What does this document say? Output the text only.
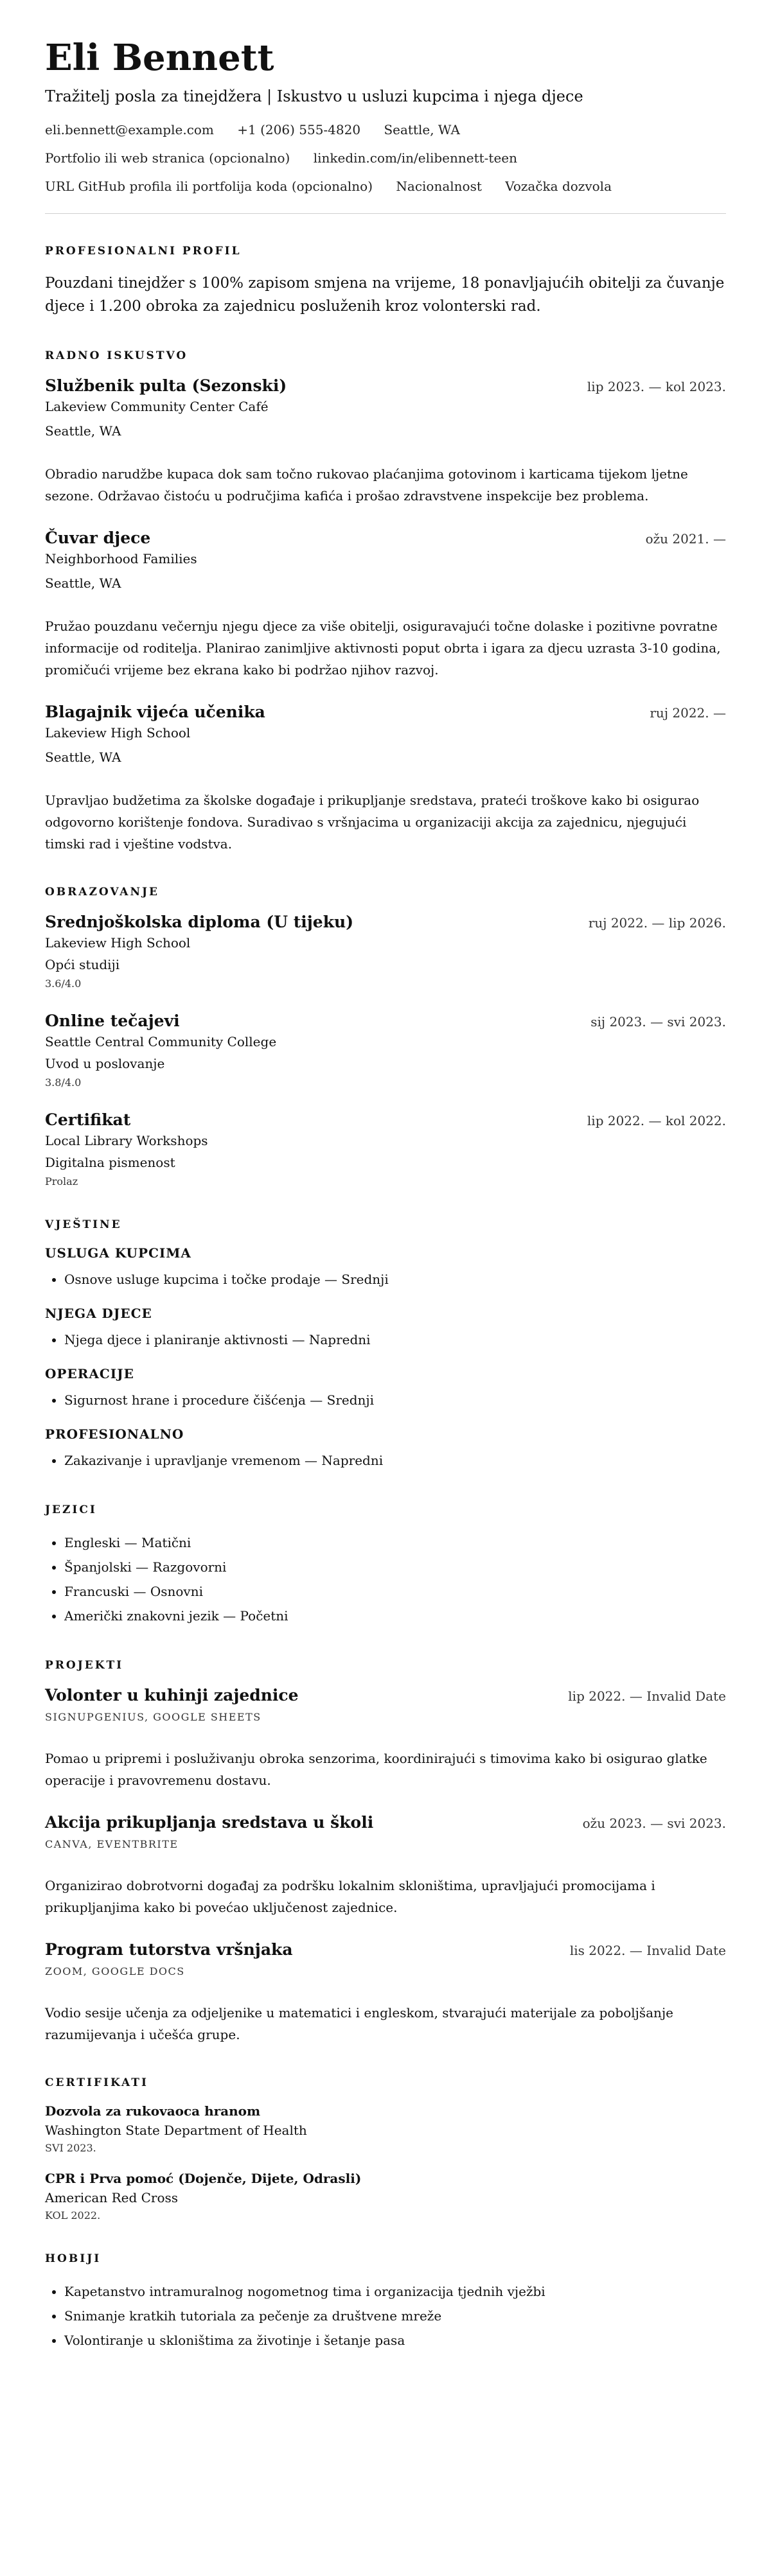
Eli Bennett
Tražitelj posla za tinejdžera | Iskustvo u usluzi kupcima i njega djece
eli.bennett@example.com +1 (206) 555-4820 Seattle, WA
Portfolio ili web stranica (opcionalno) linkedin.com/in/elibennett-teen
URL GitHub profila ili portfolija koda (opcionalno) Nacionalnost Vozačka dozvola
PROFESIONALNI PROFIL

Pouzdani tinejdžer s 100% zapisom smjena na vrijeme, 18 ponavljajućih obitelji za čuvanje djece i 1.200 obroka za zajednicu posluženih kroz volonterski rad.

RADNO ISKUSTVO
Službenik pulta (Sezonski)	lip 2023. — kol 2023.
Lakeview Community Center Café
Seattle, WA
Obradio narudžbe kupaca dok sam točno rukovao plaćanjima gotovinom i karticama tijekom ljetne sezone. Održavao čistoću u područjima kafića i prošao zdravstvene inspekcije bez problema.
Čuvar djece	ožu 2021. —
Neighborhood Families
Seattle, WA
Pružao pouzdanu večernju njegu djece za više obitelji, osiguravajući točne dolaske i pozitivne povratne informacije od roditelja. Planirao zanimljive aktivnosti poput obrta i igara za djecu uzrasta 3-10 godina, promičući vrijeme bez ekrana kako bi podržao njihov razvoj.
Blagajnik vijeća učenika	ruj 2022. —
Lakeview High School
Seattle, WA
Upravljao budžetima za školske događaje i prikupljanje sredstava, prateći troškove kako bi osigurao odgovorno korištenje fondova. Suradivao s vršnjacima u organizaciji akcija za zajednicu, njegujući timski rad i vještine vodstva.
OBRAZOVANJE
Srednjoškolska diploma (U tijeku)	ruj 2022. — lip 2026.
Lakeview High School
Opći studiji
3.6/4.0
Online tečajevi	sij 2023. — svi 2023.
Seattle Central Community College
Uvod u poslovanje
3.8/4.0
Certifikat	lip 2022. — kol 2022.
Local Library Workshops
Digitalna pismenost
Prolaz
VJEŠTINE
USLUGA KUPCIMA
• Osnove usluge kupcima i točke prodaje — Srednji
NJEGA DJECE
• Njega djece i planiranje aktivnosti — Napredni
OPERACIJE
• Sigurnost hrane i procedure čišćenja — Srednji
PROFESIONALNO
• Zakazivanje i upravljanje vremenom — Napredni
JEZICI
• Engleski — Matični
• Španjolski — Razgovorni
• Francuski — Osnovni
• Američki znakovni jezik — Početni
PROJEKTI
Volonter u kuhinji zajednice	lip 2022. — Invalid Date
SIGNUPGENIUS, GOOGLE SHEETS
Pomao u pripremi i posluživanju obroka senzorima, koordinirajući s timovima kako bi osigurao glatke operacije i pravovremenu dostavu.
Akcija prikupljanja sredstava u školi	ožu 2023. — svi 2023.
CANVA, EVENTBRITE
Organizirao dobrotvorni događaj za podršku lokalnim skloništima, upravljajući promocijama i prikupljanjima kako bi povećao uključenost zajednice.
Program tutorstva vršnjaka	lis 2022. — Invalid Date
ZOOM, GOOGLE DOCS
Vodio sesije učenja za odjeljenike u matematici i engleskom, stvarajući materijale za poboljšanje razumijevanja i učešća grupe.
CERTIFIKATI
Dozvola za rukovaoca hranom
Washington State Department of Health
SVI 2023.
CPR i Prva pomoć (Dojenče, Dijete, Odrasli)
American Red Cross
KOL 2022.
HOBIJI
• Kapetanstvo intramuralnog nogometnog tima i organizacija tjednih vježbi
• Snimanje kratkih tutoriala za pečenje za društvene mreže
• Volontiranje u skloništima za životinje i šetanje pasa
